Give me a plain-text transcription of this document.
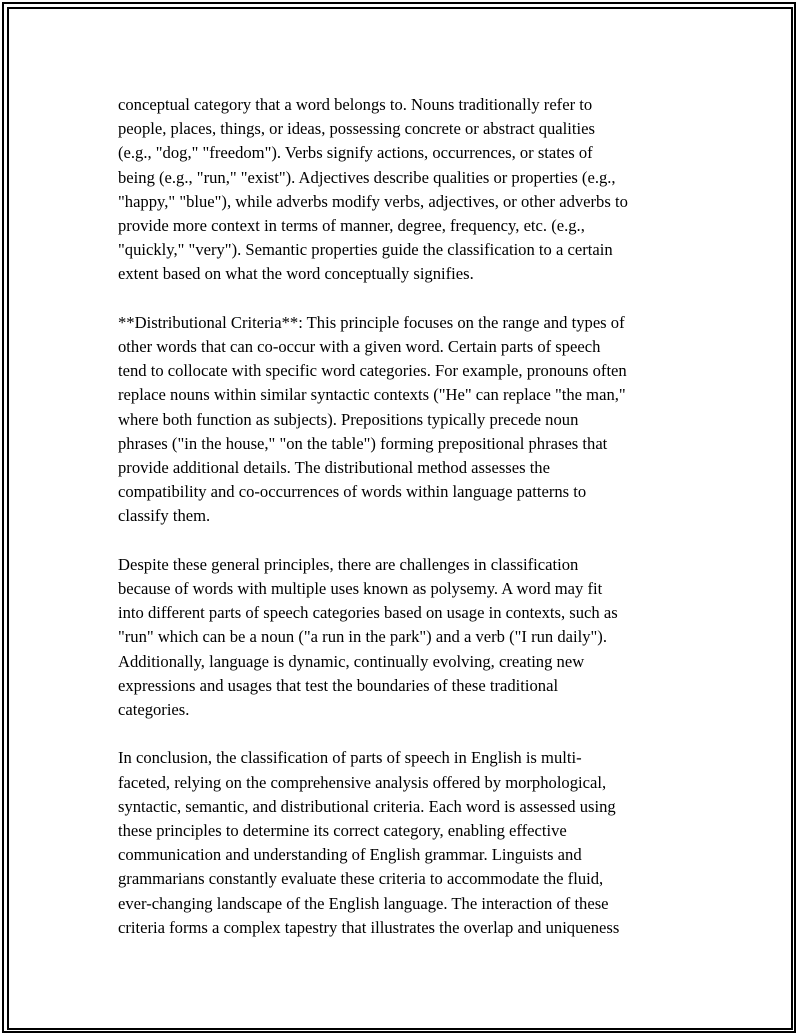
conceptual category that a word belongs to. Nouns traditionally refer to
people, places, things, or ideas, possessing concrete or abstract qualities
(e.g., "dog," "freedom"). Verbs signify actions, occurrences, or states of
being (e.g., "run," "exist"). Adjectives describe qualities or properties (e.g.,
"happy," "blue"), while adverbs modify verbs, adjectives, or other adverbs to
provide more context in terms of manner, degree, frequency, etc. (e.g.,
"quickly," "very"). Semantic properties guide the classification to a certain
extent based on what the word conceptually signifies.

**Distributional Criteria**: This principle focuses on the range and types of
other words that can co-occur with a given word. Certain parts of speech
tend to collocate with specific word categories. For example, pronouns often
replace nouns within similar syntactic contexts ("He" can replace "the man,"
where both function as subjects). Prepositions typically precede noun
phrases ("in the house," "on the table") forming prepositional phrases that
provide additional details. The distributional method assesses the
compatibility and co-occurrences of words within language patterns to
classify them.

Despite these general principles, there are challenges in classification
because of words with multiple uses known as polysemy. A word may fit
into different parts of speech categories based on usage in contexts, such as
"run" which can be a noun ("a run in the park") and a verb ("I run daily").
Additionally, language is dynamic, continually evolving, creating new
expressions and usages that test the boundaries of these traditional
categories.

In conclusion, the classification of parts of speech in English is multi-
faceted, relying on the comprehensive analysis offered by morphological,
syntactic, semantic, and distributional criteria. Each word is assessed using
these principles to determine its correct category, enabling effective
communication and understanding of English grammar. Linguists and
grammarians constantly evaluate these criteria to accommodate the fluid,
ever-changing landscape of the English language. The interaction of these
criteria forms a complex tapestry that illustrates the overlap and uniqueness
